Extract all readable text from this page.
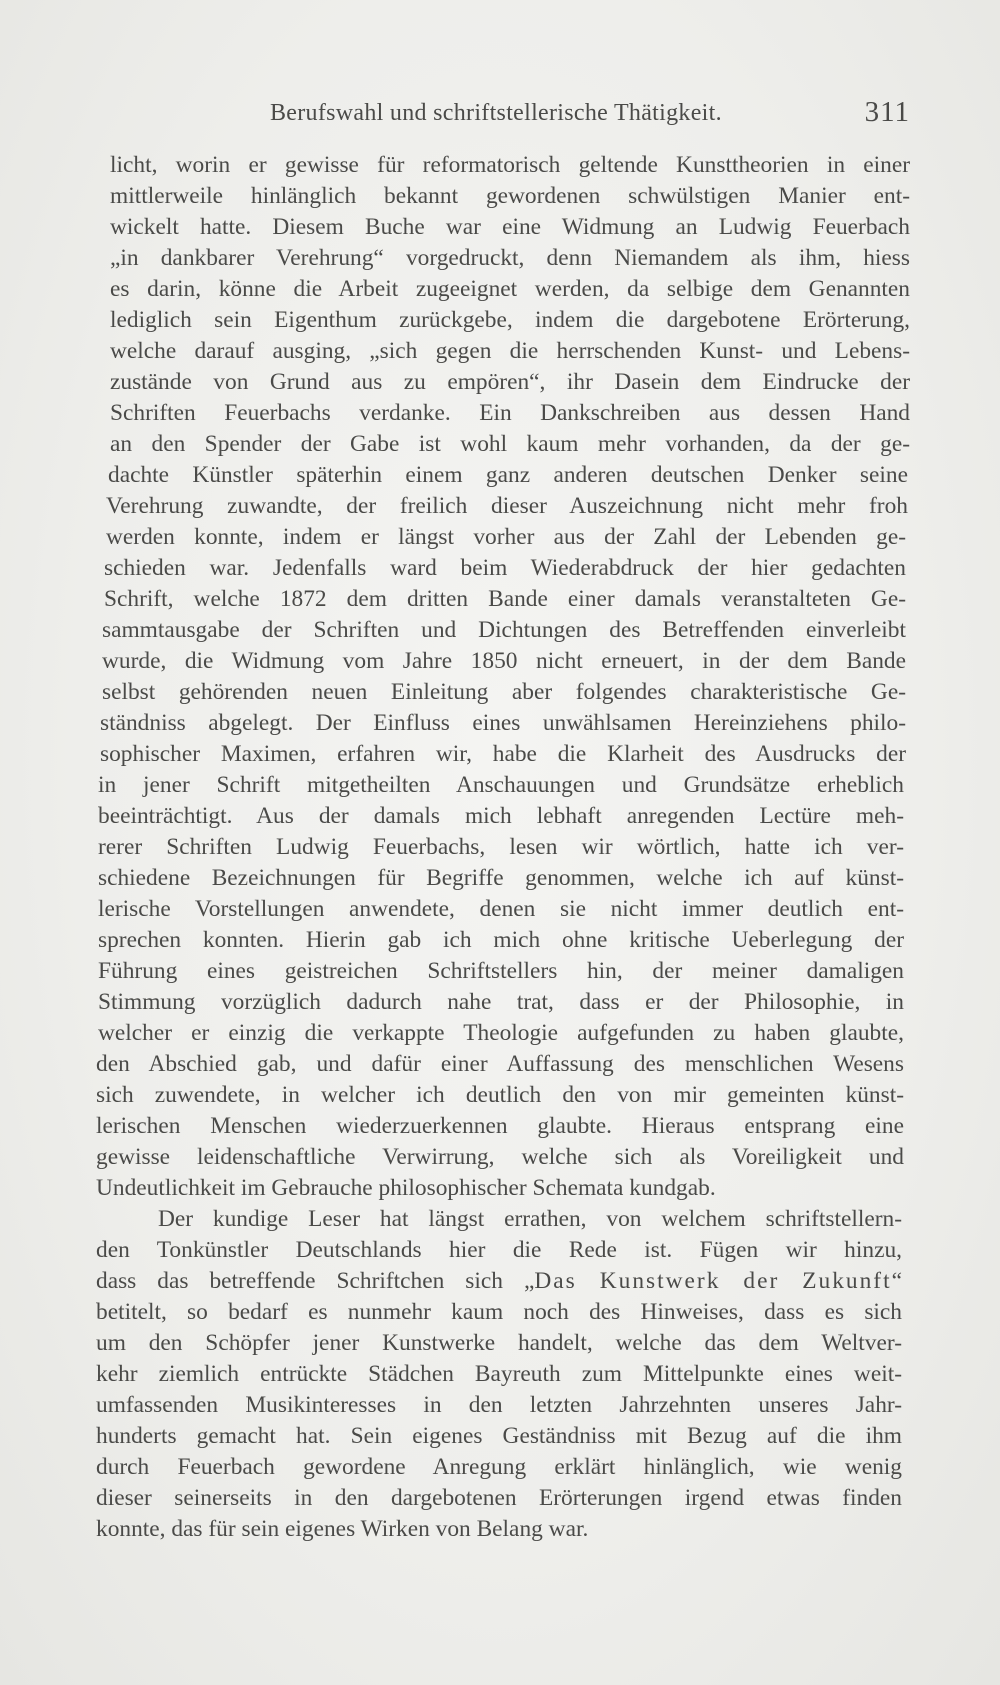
Berufswahl und schriftstellerische Thätigkeit.	311
licht, worin er gewisse für reformatorisch geltende Kunsttheorien in einer
mittlerweile hinlänglich bekannt gewordenen schwülstigen Manier ent-
wickelt hatte. Diesem Buche war eine Widmung an Ludwig Feuerbach
„in dankbarer Verehrung“ vorgedruckt, denn Niemandem als ihm, hiess
es darin, könne die Arbeit zugeeignet werden, da selbige dem Genannten
lediglich sein Eigenthum zurückgebe, indem die dargebotene Erörterung,
welche darauf ausging, „sich gegen die herrschenden Kunst- und Lebens-
zustände von Grund aus zu empören“, ihr Dasein dem Eindrucke der
Schriften Feuerbachs verdanke. Ein Dankschreiben aus dessen Hand
an den Spender der Gabe ist wohl kaum mehr vorhanden, da der ge-
dachte Künstler späterhin einem ganz anderen deutschen Denker seine
Verehrung zuwandte, der freilich dieser Auszeichnung nicht mehr froh
werden konnte, indem er längst vorher aus der Zahl der Lebenden ge-
schieden war. Jedenfalls ward beim Wiederabdruck der hier gedachten
Schrift, welche 1872 dem dritten Bande einer damals veranstalteten Ge-
sammtausgabe der Schriften und Dichtungen des Betreffenden einverleibt
wurde, die Widmung vom Jahre 1850 nicht erneuert, in der dem Bande
selbst gehörenden neuen Einleitung aber folgendes charakteristische Ge-
ständniss abgelegt. Der Einfluss eines unwählsamen Hereinziehens philo-
sophischer Maximen, erfahren wir, habe die Klarheit des Ausdrucks der
in jener Schrift mitgetheilten Anschauungen und Grundsätze erheblich
beeinträchtigt. Aus der damals mich lebhaft anregenden Lectüre meh-
rerer Schriften Ludwig Feuerbachs, lesen wir wörtlich, hatte ich ver-
schiedene Bezeichnungen für Begriffe genommen, welche ich auf künst-
lerische Vorstellungen anwendete, denen sie nicht immer deutlich ent-
sprechen konnten. Hierin gab ich mich ohne kritische Ueberlegung der
Führung eines geistreichen Schriftstellers hin, der meiner damaligen
Stimmung vorzüglich dadurch nahe trat, dass er der Philosophie, in
welcher er einzig die verkappte Theologie aufgefunden zu haben glaubte,
den Abschied gab, und dafür einer Auffassung des menschlichen Wesens
sich zuwendete, in welcher ich deutlich den von mir gemeinten künst-
lerischen Menschen wiederzuerkennen glaubte. Hieraus entsprang eine
gewisse leidenschaftliche Verwirrung, welche sich als Voreiligkeit und
Undeutlichkeit im Gebrauche philosophischer Schemata kundgab.
Der kundige Leser hat längst errathen, von welchem schriftstellern-
den Tonkünstler Deutschlands hier die Rede ist. Fügen wir hinzu,
dass das betreffende Schriftchen sich „Das Kunstwerk der Zukunft“
betitelt, so bedarf es nunmehr kaum noch des Hinweises, dass es sich
um den Schöpfer jener Kunstwerke handelt, welche das dem Weltver-
kehr ziemlich entrückte Städchen Bayreuth zum Mittelpunkte eines weit-
umfassenden Musikinteresses in den letzten Jahrzehnten unseres Jahr-
hunderts gemacht hat. Sein eigenes Geständniss mit Bezug auf die ihm
durch Feuerbach gewordene Anregung erklärt hinlänglich, wie wenig
dieser seinerseits in den dargebotenen Erörterungen irgend etwas finden
konnte, das für sein eigenes Wirken von Belang war.
